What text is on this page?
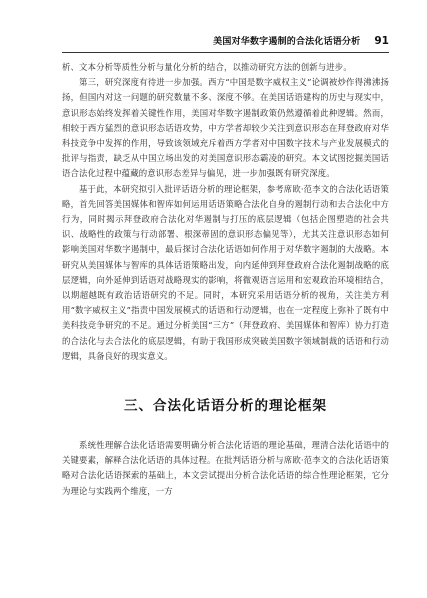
美国对华数字遏制的合法化话语分析 91

析、文本分析等质性分析与量化分析的结合，以推动研究方法的创新与进步。

第三，研究深度有待进一步加强。西方“中国是数字威权主义”论调被炒作得沸沸扬扬，但国内对这一问题的研究数量不多、深度不够。在美国话语建构的历史与现实中，意识形态始终发挥着关键性作用，美国对华数字遏制政策仍然遵循着此种逻辑。然而，相较于西方猛烈的意识形态话语攻势，中方学者却较少关注到意识形态在拜登政府对华科技竞争中发挥的作用，导致该领域充斥着西方学者对中国数字技术与产业发展模式的批评与指责，缺乏从中国立场出发的对美国意识形态霸凌的研究。本文试图挖掘美国话语合法化过程中蕴藏的意识形态差异与偏见，进一步加强既有研究深度。

基于此，本研究拟引入批评话语分析的理论框架，参考席欧·范李文的合法化话语策略，首先回答美国媒体和智库如何运用话语策略合法化自身的遏制行动和去合法化中方行为，同时揭示拜登政府合法化对华遏制与打压的底层逻辑（包括企图塑造的社会共识、战略性的政策与行动部署、根深蒂固的意识形态偏见等），尤其关注意识形态如何影响美国对华数字遏制中，最后探讨合法化话语如何作用于对华数字遏制的大战略。本研究从美国媒体与智库的具体话语策略出发，向内延伸到拜登政府合法化遏制战略的底层逻辑，向外延伸到话语对战略现实的影响，将微观语言运用和宏观政治环境相结合，以期超越既有政治话语研究的不足。同时，本研究采用话语分析的视角，关注美方利用“数字威权主义”指责中国发展模式的话语和行动逻辑，也在一定程度上弥补了既有中美科技竞争研究的不足。通过分析美国“三方”（拜登政府、美国媒体和智库）协力打造的合法化与去合法化的底层逻辑，有助于我国形成突破美国数字领域制裁的话语和行动逻辑，具备良好的现实意义。

三、合法化话语分析的理论框架

系统性理解合法化话语需要明确分析合法化话语的理论基础，理清合法化话语中的关键要素，解释合法化话语的具体过程。在批判话语分析与席欧·范李文的合法化话语策略对合法化话语探索的基础上，本文尝试提出分析合法化话语的综合性理论框架，它分为理论与实践两个维度，一方
